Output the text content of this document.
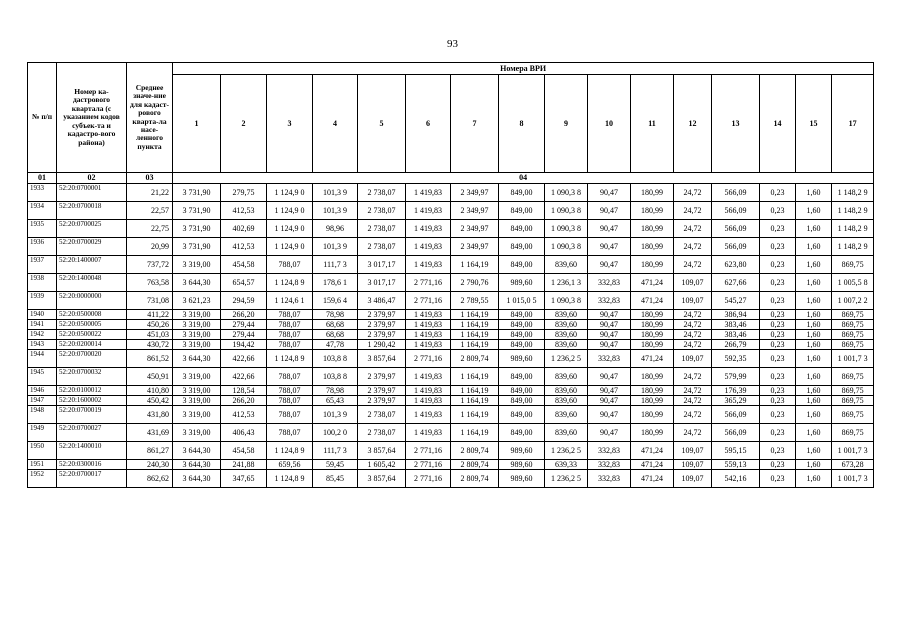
93
№ п/п	Номер ка-дастрового квартала (с указанием кодов субъек-та и кадастро-вого района)	Среднее значе-ние для кадаст-рового кварта-ла насе-ленного пункта	Номера ВРИ															
			1	2	3	4	5	6	7	8	9	10	11	12	13	14	15	17
01	02	03	04															
1933	52:20:0700001	21,22	3 731,90	279,75	1 124,9 0	101,3 9	2 738,07	1 419,83	2 349,97	849,00	1 090,3 8	90,47	180,99	24,72	566,09	0,23	1,60	1 148,2 9
1934	52:20:0700018	22,57	3 731,90	412,53	1 124,9 0	101,3 9	2 738,07	1 419,83	2 349,97	849,00	1 090,3 8	90,47	180,99	24,72	566,09	0,23	1,60	1 148,2 9
1935	52:20:0700025	22,75	3 731,90	402,69	1 124,9 0	98,96	2 738,07	1 419,83	2 349,97	849,00	1 090,3 8	90,47	180,99	24,72	566,09	0,23	1,60	1 148,2 9
1936	52:20:0700029	20,99	3 731,90	412,53	1 124,9 0	101,3 9	2 738,07	1 419,83	2 349,97	849,00	1 090,3 8	90,47	180,99	24,72	566,09	0,23	1,60	1 148,2 9
1937	52:20:1400007	737,72	3 319,00	454,58	788,07	111,7 3	3 017,17	1 419,83	1 164,19	849,00	839,60	90,47	180,99	24,72	623,80	0,23	1,60	869,75
1938	52:20:1400048	763,58	3 644,30	654,57	1 124,8 9	178,6 1	3 017,17	2 771,16	2 790,76	989,60	1 236,1 3	332,83	471,24	109,07	627,66	0,23	1,60	1 005,5 8
1939	52:20:0000000	731,08	3 621,23	294,59	1 124,6 1	159,6 4	3 486,47	2 771,16	2 789,55	1 015,0 5	1 090,3 8	332,83	471,24	109,07	545,27	0,23	1,60	1 007,2 2
1940	52:20:0500008	411,22	3 319,00	266,20	788,07	78,98	2 379,97	1 419,83	1 164,19	849,00	839,60	90,47	180,99	24,72	386,94	0,23	1,60	869,75
1941	52:20:0500005	450,26	3 319,00	279,44	788,07	68,68	2 379,97	1 419,83	1 164,19	849,00	839,60	90,47	180,99	24,72	383,46	0,23	1,60	869,75
1942	52:20:0500022	451,03	3 319,00	279,44	788,07	68,68	2 379,97	1 419,83	1 164,19	849,00	839,60	90,47	180,99	24,72	383,46	0,23	1,60	869,75
1943	52:20:0200014	430,72	3 319,00	194,42	788,07	47,78	1 290,42	1 419,83	1 164,19	849,00	839,60	90,47	180,99	24,72	266,79	0,23	1,60	869,75
1944	52:20:0700020	861,52	3 644,30	422,66	1 124,8 9	103,8 8	3 857,64	2 771,16	2 809,74	989,60	1 236,2 5	332,83	471,24	109,07	592,35	0,23	1,60	1 001,7 3
1945	52:20:0700032	450,91	3 319,00	422,66	788,07	103,8 8	2 379,97	1 419,83	1 164,19	849,00	839,60	90,47	180,99	24,72	579,99	0,23	1,60	869,75
1946	52:20:0100012	410,80	3 319,00	128,54	788,07	78,98	2 379,97	1 419,83	1 164,19	849,00	839,60	90,47	180,99	24,72	176,39	0,23	1,60	869,75
1947	52:20:1600002	450,42	3 319,00	266,20	788,07	65,43	2 379,97	1 419,83	1 164,19	849,00	839,60	90,47	180,99	24,72	365,29	0,23	1,60	869,75
1948	52:20:0700019	431,80	3 319,00	412,53	788,07	101,3 9	2 738,07	1 419,83	1 164,19	849,00	839,60	90,47	180,99	24,72	566,09	0,23	1,60	869,75
1949	52:20:0700027	431,69	3 319,00	406,43	788,07	100,2 0	2 738,07	1 419,83	1 164,19	849,00	839,60	90,47	180,99	24,72	566,09	0,23	1,60	869,75
1950	52:20:1400010	861,27	3 644,30	454,58	1 124,8 9	111,7 3	3 857,64	2 771,16	2 809,74	989,60	1 236,2 5	332,83	471,24	109,07	595,15	0,23	1,60	1 001,7 3
1951	52:20:0300016	240,30	3 644,30	241,88	659,56	59,45	1 605,42	2 771,16	2 809,74	989,60	639,33	332,83	471,24	109,07	559,13	0,23	1,60	673,28
1952	52:20:0700017	862,62	3 644,30	347,65	1 124,8 9	85,45	3 857,64	2 771,16	2 809,74	989,60	1 236,2 5	332,83	471,24	109,07	542,16	0,23	1,60	1 001,7 3
